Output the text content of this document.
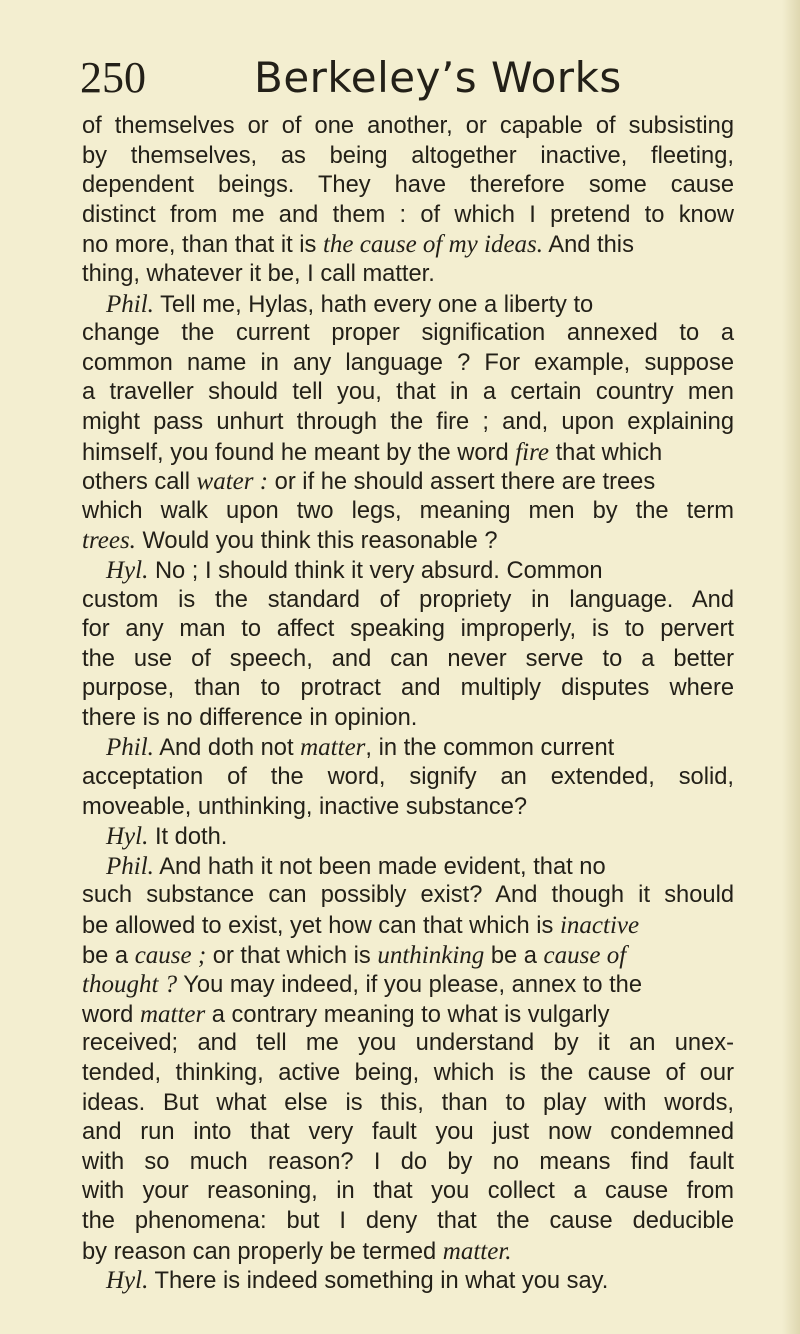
250	Berkeley’s Works
of themselves or of one another, or capable of subsisting
by themselves, as being altogether inactive, fleeting,
dependent beings. They have therefore some cause
distinct from me and them : of which I pretend to know
no more, than that it is the cause of my ideas. And this
thing, whatever it be, I call matter.
Phil. Tell me, Hylas, hath every one a liberty to
change the current proper signification annexed to a
common name in any language ? For example, suppose
a traveller should tell you, that in a certain country men
might pass unhurt through the fire ; and, upon explaining
himself, you found he meant by the word fire that which
others call water : or if he should assert there are trees
which walk upon two legs, meaning men by the term
trees. Would you think this reasonable ?
Hyl. No ; I should think it very absurd. Common
custom is the standard of propriety in language. And
for any man to affect speaking improperly, is to pervert
the use of speech, and can never serve to a better
purpose, than to protract and multiply disputes where
there is no difference in opinion.
Phil. And doth not matter, in the common current
acceptation of the word, signify an extended, solid,
moveable, unthinking, inactive substance?
Hyl. It doth.
Phil. And hath it not been made evident, that no
such substance can possibly exist? And though it should
be allowed to exist, yet how can that which is inactive
be a cause ; or that which is unthinking be a cause of
thought ? You may indeed, if you please, annex to the
word matter a contrary meaning to what is vulgarly
received; and tell me you understand by it an unex-
tended, thinking, active being, which is the cause of our
ideas. But what else is this, than to play with words,
and run into that very fault you just now condemned
with so much reason? I do by no means find fault
with your reasoning, in that you collect a cause from
the phenomena: but I deny that the cause deducible
by reason can properly be termed matter.
Hyl. There is indeed something in what you say.
